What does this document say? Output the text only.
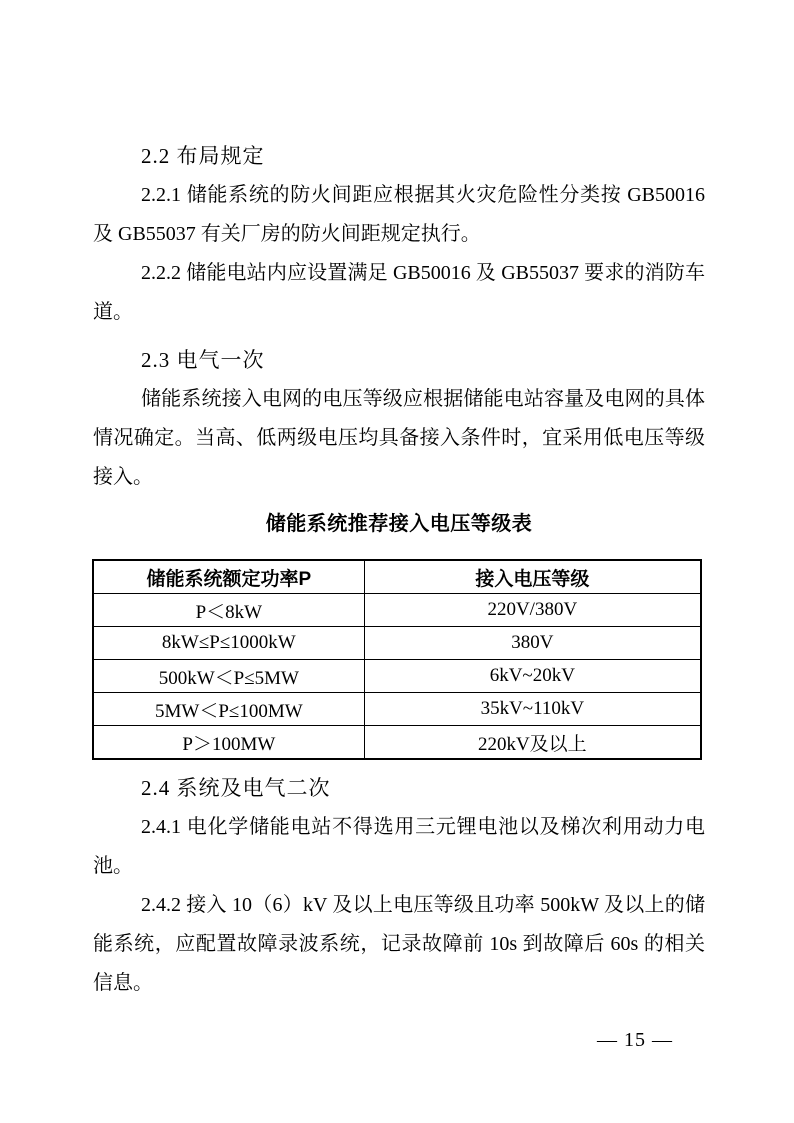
2.2 布局规定

2.2.1 储能系统的防火间距应根据其火灾危险性分类按 GB50016 及 GB55037 有关厂房的防火间距规定执行。

2.2.2 储能电站内应设置满足 GB50016 及 GB55037 要求的消防车道。

2.3 电气一次

储能系统接入电网的电压等级应根据储能电站容量及电网的具体情况确定。当高、低两级电压均具备接入条件时，宜采用低电压等级接入。

储能系统推荐接入电压等级表
储能系统额定功率P	接入电压等级
P＜8kW	220V/380V
8kW≤P≤1000kW	380V
500kW＜P≤5MW	6kV~20kV
5MW＜P≤100MW	35kV~110kV
P＞100MW	220kV及以上
2.4 系统及电气二次

2.4.1 电化学储能电站不得选用三元锂电池以及梯次利用动力电池。

2.4.2 接入 10（6）kV 及以上电压等级且功率 500kW 及以上的储能系统，应配置故障录波系统，记录故障前 10s 到故障后 60s 的相关信息。

— 15 —
